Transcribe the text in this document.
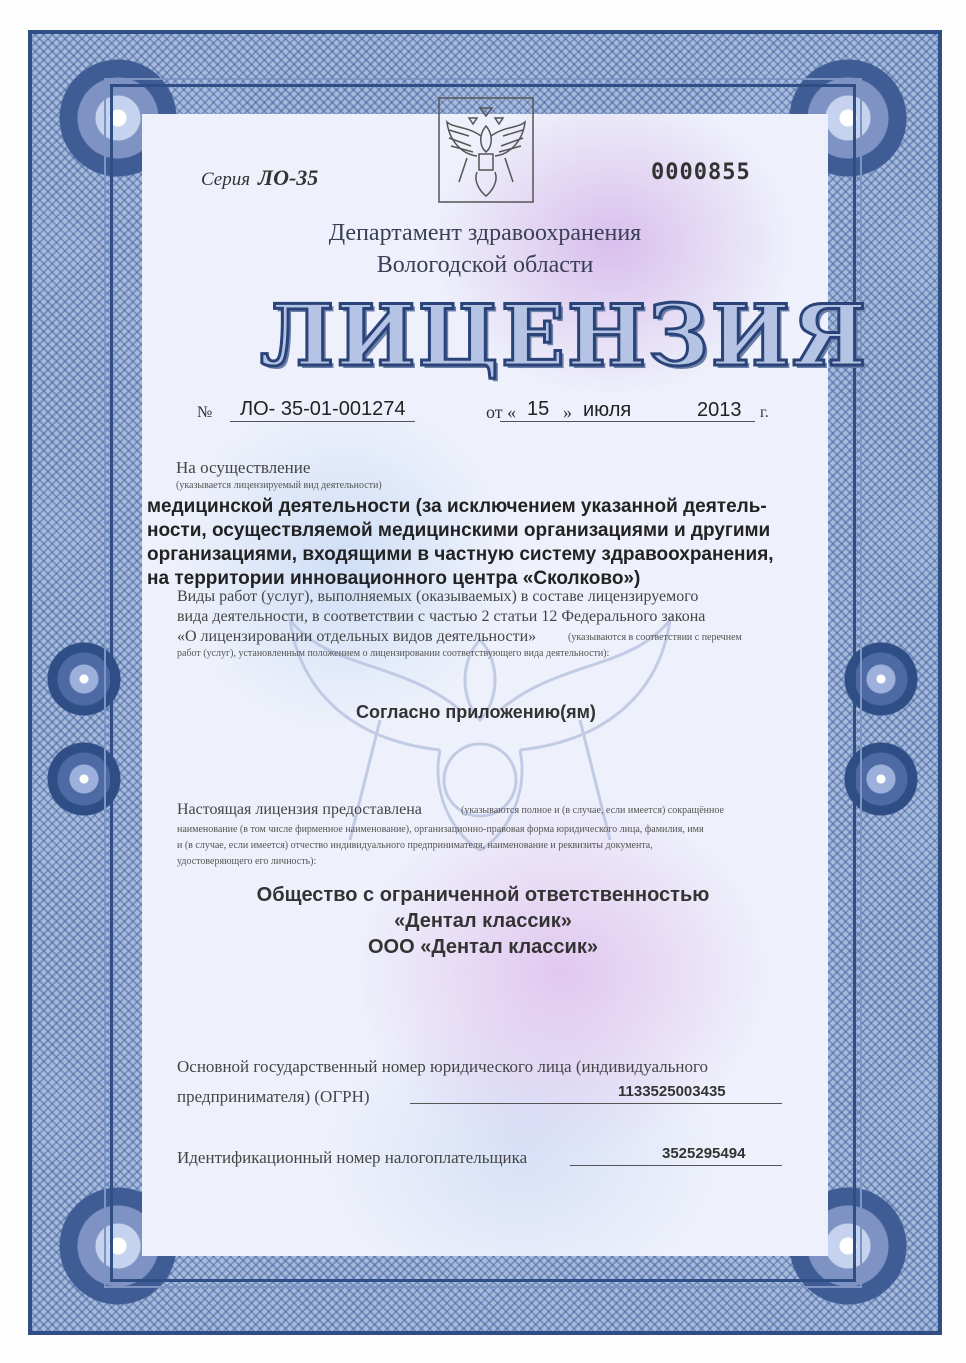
Серия ЛО-35	0000855
Департамент здравоохранения
Вологодской области
ЛИЦЕНЗИЯ
№ ЛО- 35-01-001274	от « 15 » июля	2013 г.
На осуществление
(указывается лицензируемый вид деятельности)
медицинской деятельности (за исключением указанной деятель-
ности, осуществляемой медицинскими организациями и другими
организациями, входящими в частную систему здравоохранения,
на территории инновационного центра «Сколково»)
Виды работ (услуг), выполняемых (оказываемых) в составе лицензируемого
вида деятельности, в соответствии с частью 2 статьи 12 Федерального закона
«О лицензировании отдельных видов деятельности»	(указываются в соответствии с перечнем
работ (услуг), установленным положением о лицензировании соответствующего вида деятельности):
Согласно приложению(ям)
Настоящая лицензия предоставлена	(указываются полное и (в случае, если имеется) сокращённое
наименование (в том числе фирменное наименование), организационно-правовая форма юридического лица, фамилия, имя
и (в случае, если имеется) отчество индивидуального предпринимателя, наименование и реквизиты документа,
удостоверяющего его личность):
Общество с ограниченной ответственностью
«Дентал классик»
ООО «Дентал классик»
Основной государственный номер юридического лица (индивидуального
предпринимателя) (ОГРН)	1133525003435
Идентификационный номер налогоплательщика	3525295494
